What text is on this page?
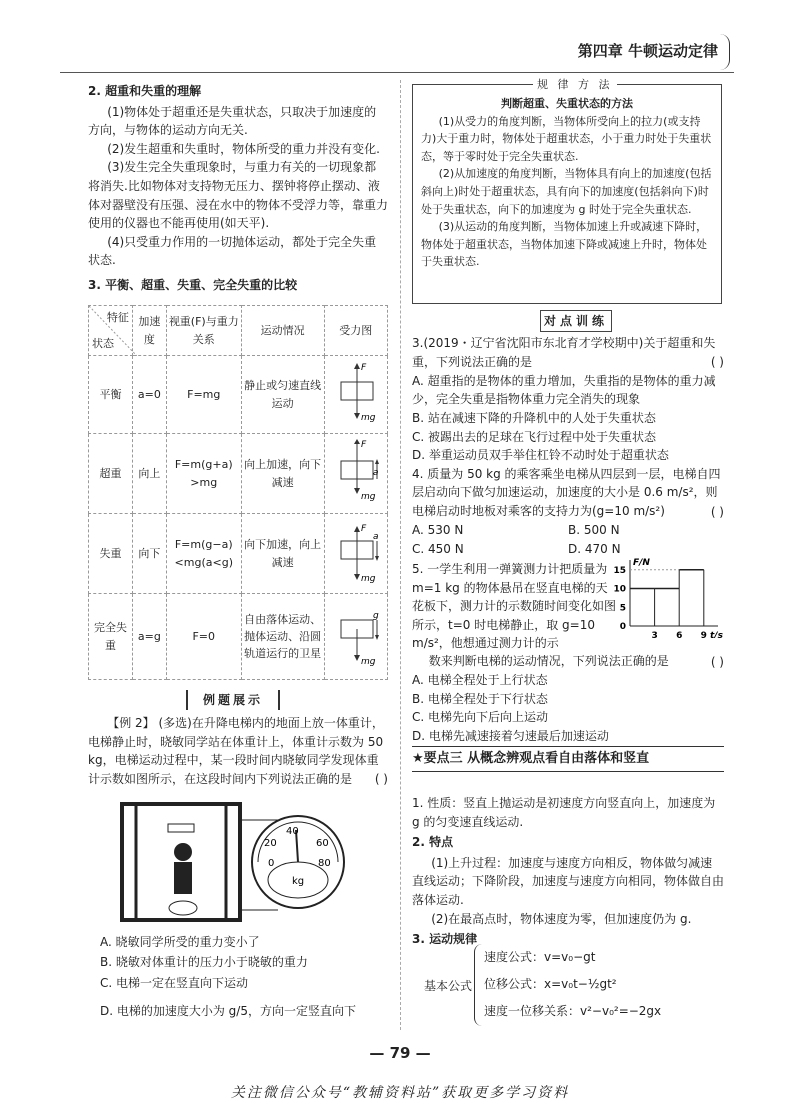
第四章 牛顿运动定律
2. 超重和失重的理解

(1)物体处于超重还是失重状态，只取决于加速度的方向，与物体的运动方向无关.

(2)发生超重和失重时，物体所受的重力并没有变化.

(3)发生完全失重现象时，与重力有关的一切现象都将消失.比如物体对支持物无压力、摆钟将停止摆动、液体对器壁没有压强、浸在水中的物体不受浮力等，靠重力使用的仪器也不能再使用(如天平).

(4)只受重力作用的一切抛体运动，都处于完全失重状态.

3. 平衡、超重、失重、完全失重的比较
特征
状态	加速度	视重(F)与重力关系	运动情况	受力图
平衡	a=0	F=mg	静止或匀速直线运动	F
mg

超重	向上	F=m(g+a) >mg	向上加速，向下减速	F
mg
a

失重	向下	F=m(g−a) <mg(a<g)	向下加速，向上减速	F
mg
a

完全失重	a=g	F=0	自由落体运动、抛体运动、沿圆轨道运行的卫星	mg
g
例题展示

【例 2】 (多选)在升降电梯内的地面上放一体重计，电梯静止时，晓敏同学站在体重计上，体重计示数为 50 kg，电梯运动过程中，某一段时间内晓敏同学发现体重计示数如图所示，在这段时间内下列说法正确的是	( )
40
20	60
0	80
kg
A. 晓敏同学所受的重力变小了
B. 晓敏对体重计的压力小于晓敏的重力
C. 电梯一定在竖直向下运动
D. 电梯的加速度大小为 g/5，方向一定竖直向下
规 律 方 法
判断超重、失重状态的方法

(1)从受力的角度判断，当物体所受向上的拉力(或支持力)大于重力时，物体处于超重状态，小于重力时处于失重状态，等于零时处于完全失重状态.

(2)从加速度的角度判断，当物体具有向上的加速度(包括斜向上)时处于超重状态，具有向下的加速度(包括斜向下)时处于失重状态，向下的加速度为 g 时处于完全失重状态.

(3)从运动的角度判断，当物体加速上升或减速下降时，物体处于超重状态，当物体加速下降或减速上升时，物体处于失重状态.

对点训练

3.(2019・辽宁省沈阳市东北育才学校期中)关于超重和失重，下列说法正确的是	( )

A. 超重指的是物体的重力增加，失重指的是物体的重力减少，完全失重是指物体重力完全消失的现象

B. 站在减速下降的升降机中的人处于失重状态

C. 被踢出去的足球在飞行过程中处于失重状态

D. 举重运动员双手举住杠铃不动时处于超重状态

4. 质量为 50 kg 的乘客乘坐电梯从四层到一层，电梯自四层启动向下做匀加速运动，加速度的大小是 0.6 m/s²，则电梯启动时地板对乘客的支持力为(g=10 m/s²)	( )
A. 530 N	B. 500 N
C. 450 N	D. 470 N
5. 一学生利用一弹簧测力计把质量为 m=1 kg 的物体悬吊在竖直电梯的天花板下，测力计的示数随时间变化如图所示，t=0 时电梯静止，取 g=10 m/s²，他想通过测力计的示
F/N
t/s
0
5
10
15
3 6 9

数来判断电梯的运动情况，下列说法正确的是	( )

A. 电梯全程处于上行状态

B. 电梯全程处于下行状态

C. 电梯先向下后向上运动

D. 电梯先减速接着匀速最后加速运动

★要点三 从概念辨观点看自由落体和竖直

1. 性质：竖直上抛运动是初速度方向竖直向上，加速度为 g 的匀变速直线运动.

2. 特点

(1)上升过程：加速度与速度方向相反，物体做匀减速直线运动；下降阶段，加速度与速度方向相同，物体做自由落体运动.

(2)在最高点时，物体速度为零，但加速度仍为 g.

3. 运动规律
基本公式
速度公式：v=v₀−gt
位移公式：x=v₀t−½gt²
速度一位移关系：v²−v₀²=−2gx
— 79 —
关注微信公众号“教辅资料站”获取更多学习资料
